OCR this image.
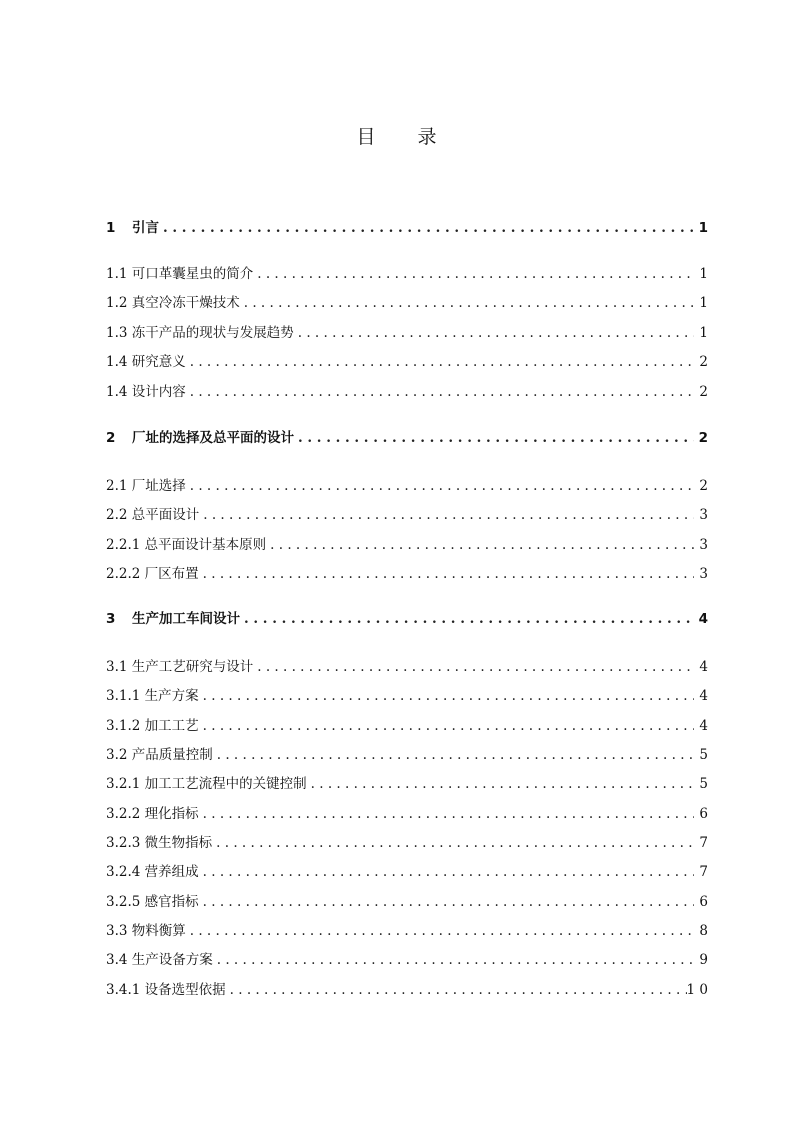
目 录
1 引言 . . .	1
1.1 可口革囊星虫的简介 . . .	1
1.2 真空冷冻干燥技术 . . .	1
1.3 冻干产品的现状与发展趋势 . . .	1
1.4 研究意义 . . .	2
1.4 设计内容 . . .	2
2 厂址的选择及总平面的设计 . . .	2
2.1 厂址选择 . . .	2
2.2 总平面设计 . . .	3
2.2.1 总平面设计基本原则 . . .	3
2.2.2 厂区布置 . . .	3
3 生产加工车间设计 . . .	4
3.1 生产工艺研究与设计 . . .	4
3.1.1 生产方案 . . .	4
3.1.2 加工工艺 . . .	4
3.2 产品质量控制 . . .	5
3.2.1 加工工艺流程中的关键控制 . . .	5
3.2.2 理化指标 . . .	6
3.2.3 微生物指标 . . .	7
3.2.4 营养组成 . . .	7
3.2.5 感官指标 . . .	6
3.3 物料衡算 . . .	8
3.4 生产设备方案 . . .	9
3.4.1 设备选型依据 . . .	1 0
